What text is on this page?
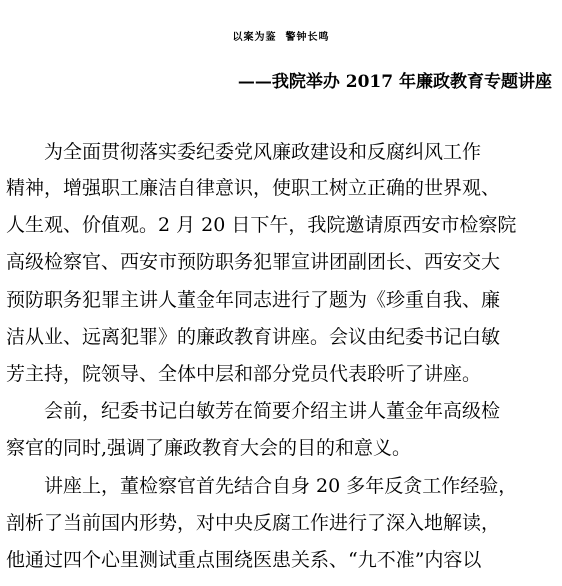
以案为鉴  警钟长鸣
——我院举办 2017 年廉政教育专题讲座
　　为全面贯彻落实委纪委党风廉政建设和反腐纠风工作
精神，增强职工廉洁自律意识，使职工树立正确的世界观、
人生观、价值观。2 月 20 日下午，我院邀请原西安市检察院
高级检察官、西安市预防职务犯罪宣讲团副团长、西安交大
预防职务犯罪主讲人董金年同志进行了题为《珍重自我、廉
洁从业、远离犯罪》的廉政教育讲座。会议由纪委书记白敏
芳主持，院领导、全体中层和部分党员代表聆听了讲座。
　　会前，纪委书记白敏芳在简要介绍主讲人董金年高级检
察官的同时,强调了廉政教育大会的目的和意义。
　　讲座上，董检察官首先结合自身 20 多年反贪工作经验，
剖析了当前国内形势，对中央反腐工作进行了深入地解读，
他通过四个心里测试重点围绕医患关系、“九不准”内容以
